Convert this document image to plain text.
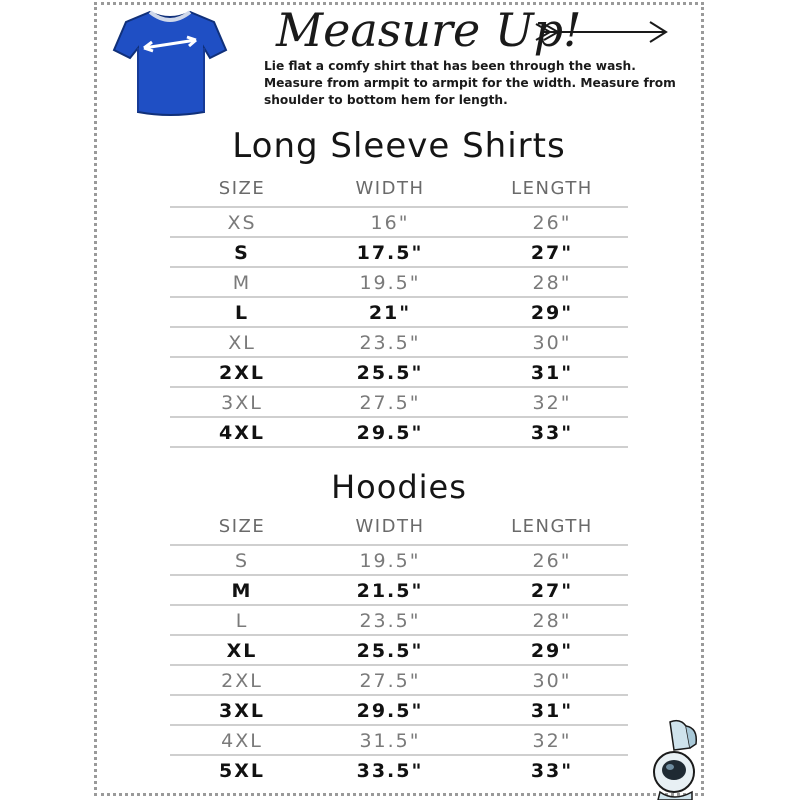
Measure Up!

Lie flat a comfy shirt that has been through the wash. Measure from armpit to armpit for the width. Measure from shoulder to bottom hem for length.

Long Sleeve Shirts
SIZE	WIDTH	LENGTH
XS	16"	26"
S	17.5"	27"
M	19.5"	28"
L	21"	29"
XL	23.5"	30"
2XL	25.5"	31"
3XL	27.5"	32"
4XL	29.5"	33"
Hoodies
SIZE	WIDTH	LENGTH
S	19.5"	26"
M	21.5"	27"
L	23.5"	28"
XL	25.5"	29"
2XL	27.5"	30"
3XL	29.5"	31"
4XL	31.5"	32"
5XL	33.5"	33"
